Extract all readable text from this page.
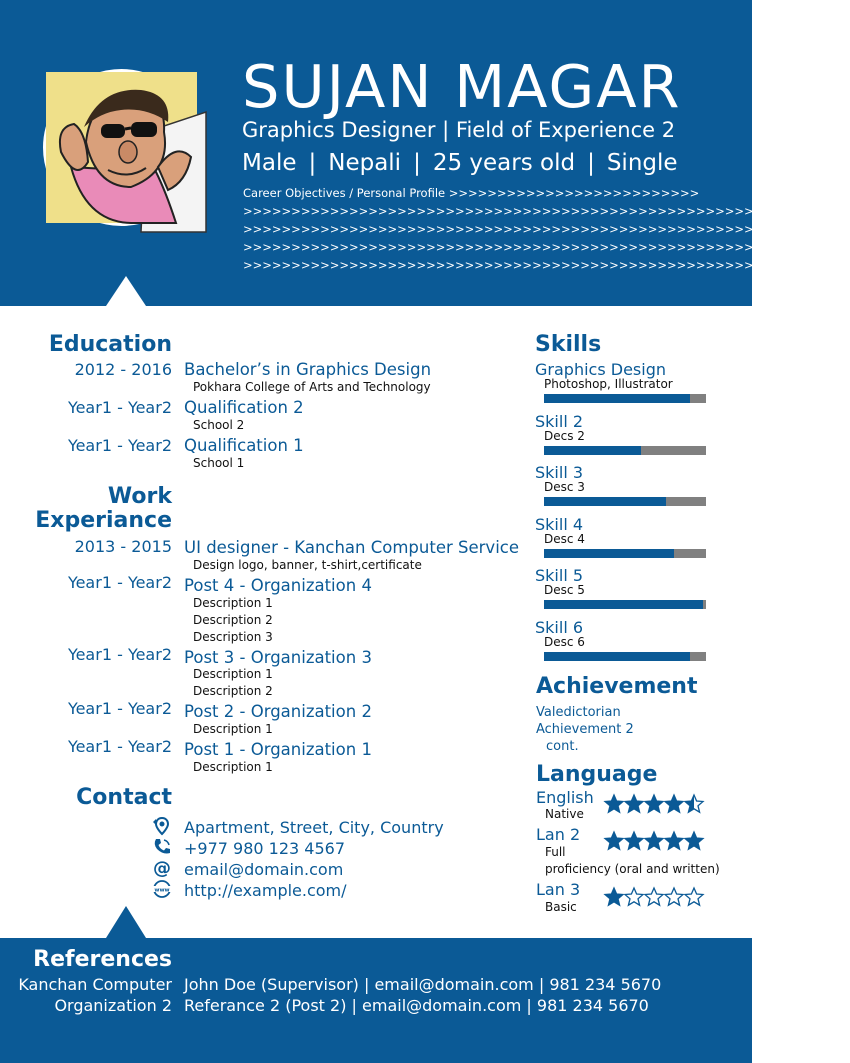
SUJAN MAGAR
Graphics Designer | Field of Experience 2
Male | Nepali | 25 years old | Single
Career Objectives / Personal Profile >>>>>>>>>>>>>>>>>>>>>>>>>>
>>>>>>>>>>>>>>>>>>>>>>>>>>>>>>>>>>>>>>>>>>>>>>>>>>>>>>>>>>>>>>>
>>>>>>>>>>>>>>>>>>>>>>>>>>>>>>>>>>>>>>>>>>>>>>>>>>>>>>>>>>>>>>>
>>>>>>>>>>>>>>>>>>>>>>>>>>>>>>>>>>>>>>>>>>>>>>>>>>>>>>>>>>>>>>>
>>>>>>>>>>>>>>>>>>>>>>>>>>>>>>>>>>>>>>>>>>>>>>>>>>>>>>>>>>>>>>>
Education
2012 - 2016 Bachelor’s in Graphics Design
Pokhara College of Arts and Technology
Year1 - Year2 Qualification 2
School 2
Year1 - Year2 Qualification 1
School 1
Work
Experiance
2013 - 2015 UI designer - Kanchan Computer Service
Design logo, banner, t-shirt,certificate
Year1 - Year2 Post 4 - Organization 4
Description 1
Description 2
Description 3
Year1 - Year2 Post 3 - Organization 3
Description 1
Description 2
Year1 - Year2 Post 2 - Organization 2
Description 1
Year1 - Year2 Post 1 - Organization 1
Description 1
Contact
Apartment, Street, City, Country
+977 980 123 4567
@ email@domain.com
www http://example.com/
Skills
Graphics Design
Photoshop, Illustrator
Skill 2
Decs 2
Skill 3
Desc 3
Skill 4
Desc 4
Skill 5
Desc 5
Skill 6
Desc 6
Achievement
Valedictorian
Achievement 2
cont.
Language
English
Native
Lan 2
Full
proficiency (oral and written)
Lan 3
Basic
References
Kanchan Computer John Doe (Supervisor) | email@domain.com | 981 234 5670
Organization 2 Referance 2 (Post 2) | email@domain.com | 981 234 5670
